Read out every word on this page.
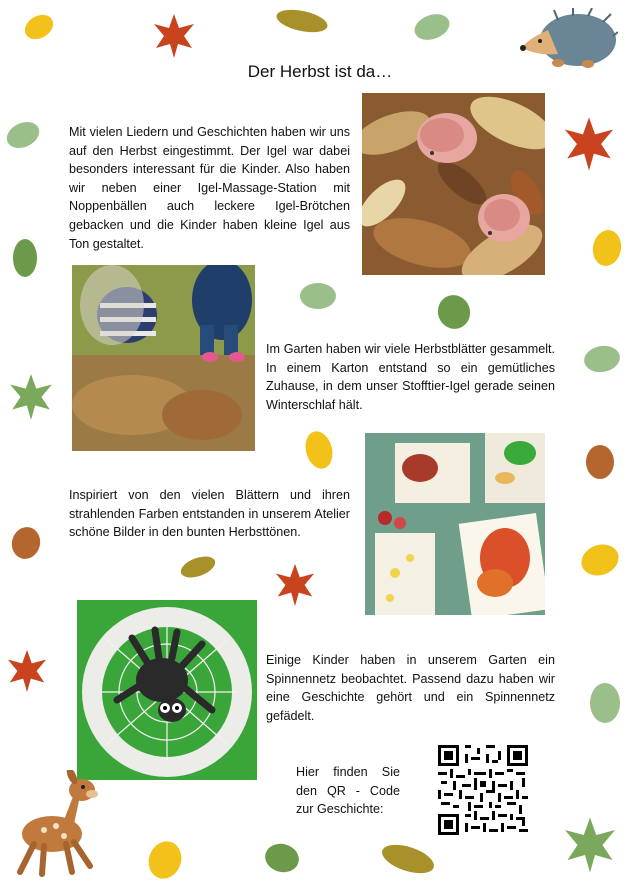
Der Herbst ist da…
Mit vielen Liedern und Geschichten haben wir uns auf den Herbst eingestimmt. Der Igel war dabei besonders interessant für die Kinder. Also haben wir neben einer Igel-Massage-Station mit Noppenbällen auch leckere Igel-Brötchen gebacken und die Kinder haben kleine Igel aus Ton gestaltet.
Im Garten haben wir viele Herbstblätter gesammelt. In einem Karton entstand so ein gemütliches Zuhause, in dem unser Stofftier-Igel gerade seinen Winterschlaf hält.
Inspiriert von den vielen Blättern und ihren strahlenden Farben entstanden in unserem Atelier schöne Bilder in den bunten Herbsttönen.
Einige Kinder haben in unserem Garten ein Spinnennetz beobachtet. Passend dazu haben wir eine Geschichte gehört und ein Spinnennetz gefädelt.
Hier finden Sie den QR - Code zur Geschichte:
